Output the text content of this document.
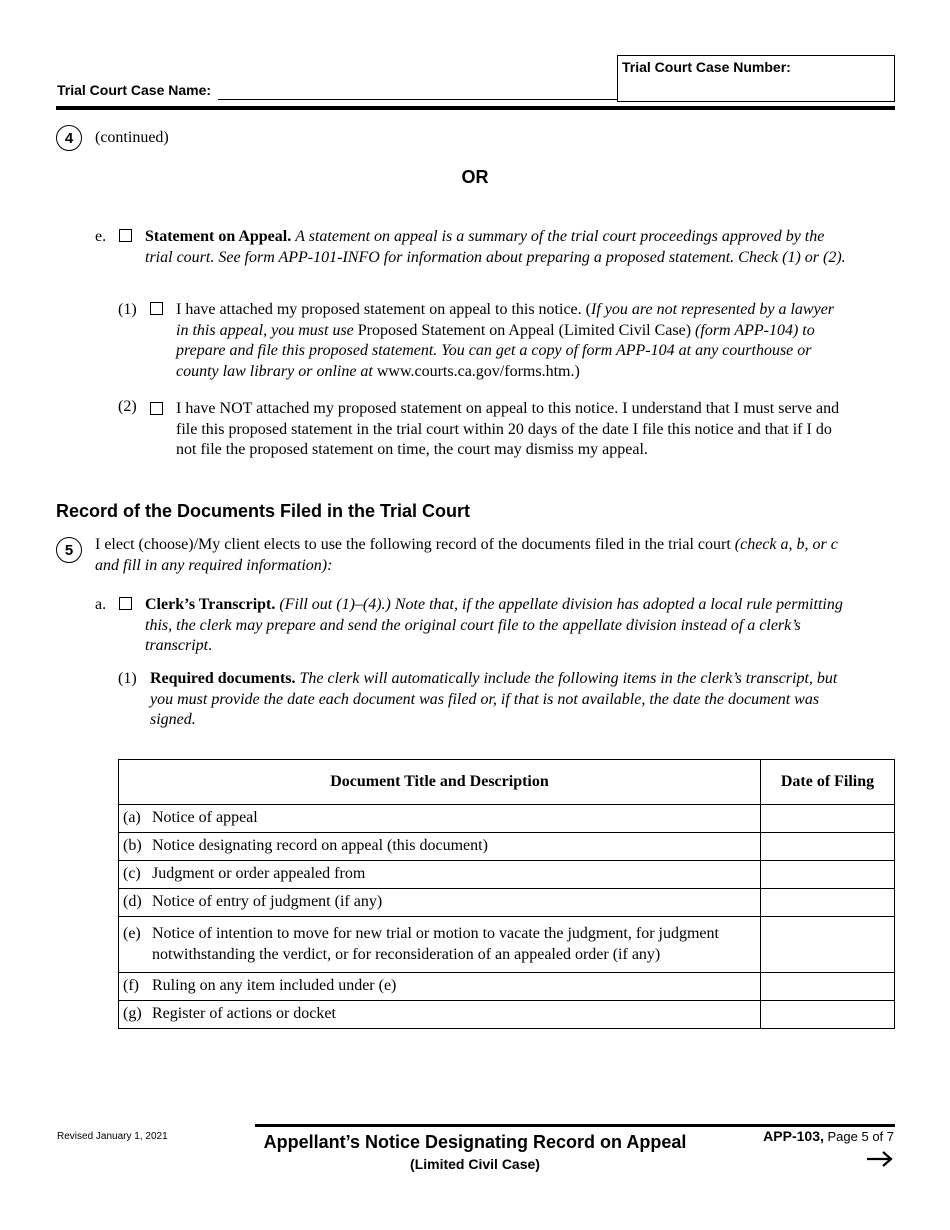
Trial Court Case Name:
Trial Court Case Number:
4	(continued)
OR
e. Statement on Appeal. A statement on appeal is a summary of the trial court proceedings approved by the
trial court. See form APP-101-INFO for information about preparing a proposed statement. Check (1) or (2).
(1) I have attached my proposed statement on appeal to this notice. (If you are not represented by a lawyer
in this appeal, you must use Proposed Statement on Appeal (Limited Civil Case) (form APP-104) to
prepare and file this proposed statement. You can get a copy of form APP-104 at any courthouse or
county law library or online at www.courts.ca.gov/forms.htm.)
(2) I have NOT attached my proposed statement on appeal to this notice. I understand that I must serve and
file this proposed statement in the trial court within 20 days of the date I file this notice and that if I do
not file the proposed statement on time, the court may dismiss my appeal.
Record of the Documents Filed in the Trial Court
5	I elect (choose)/My client elects to use the following record of the documents filed in the trial court (check a, b, or c
and fill in any required information):
a. Clerk’s Transcript. (Fill out (1)–(4).) Note that, if the appellate division has adopted a local rule permitting
this, the clerk may prepare and send the original court file to the appellate division instead of a clerk’s
transcript.
(1) Required documents. The clerk will automatically include the following items in the clerk’s transcript, but
you must provide the date each document was filed or, if that is not available, the date the document was
signed.
Document Title and Description	Date of Filing

(a) Notice of appeal	

(b) Notice designating record on appeal (this document)	

(c) Judgment or order appealed from	

(d) Notice of entry of judgment (if any)	

(e) Notice of intention to move for new trial or motion to vacate the judgment, for judgment
notwithstanding the verdict, or for reconsideration of an appealed order (if any)	

(f) Ruling on any item included under (e)	

(g) Register of actions or docket	

Revised January 1, 2021	Appellant’s Notice Designating Record on Appeal
(Limited Civil Case)
APP-103, Page 5 of 7
